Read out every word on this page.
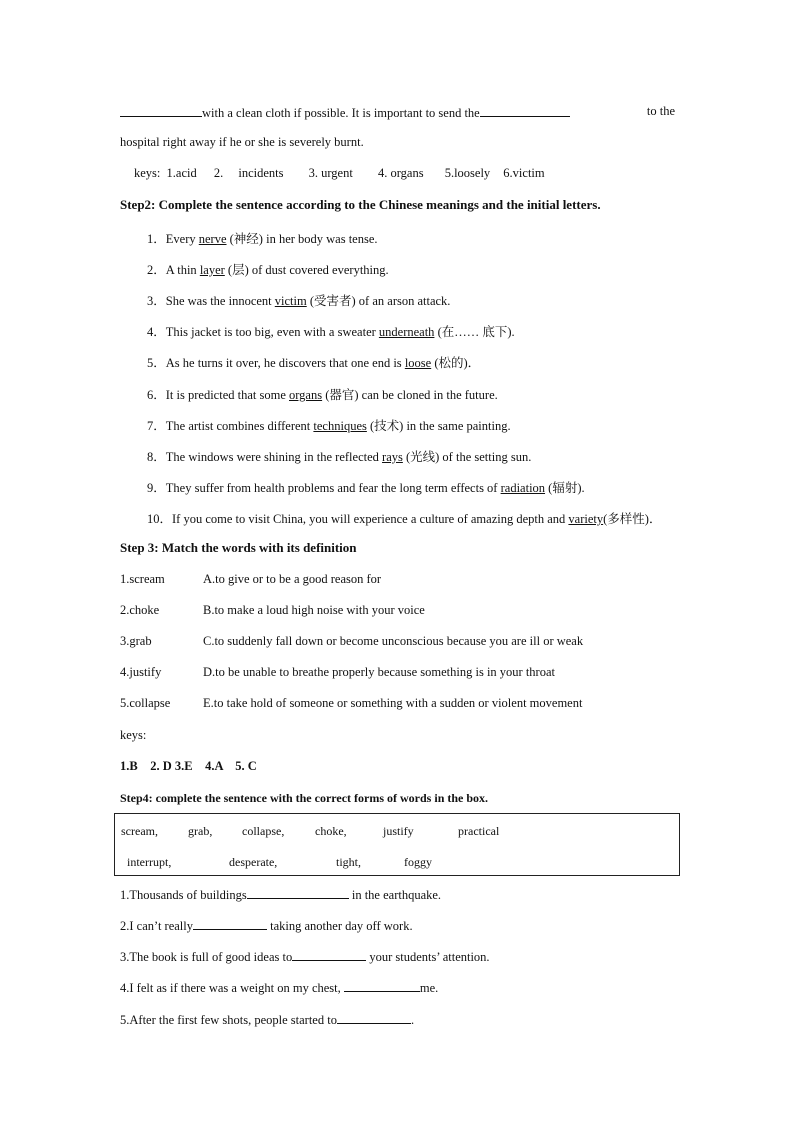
with a clean cloth if possible. It is important to send the	to the
hospital right away if he or she is severely burnt.
keys: 1.acid 2. incidents 3. urgent 4. organs 5.loosely 6.victim
Step2: Complete the sentence according to the Chinese meanings and the initial letters.
1．Every nerve (神经) in her body was tense.
2．A thin layer (层) of dust covered everything.
3．She was the innocent victim (受害者) of an arson attack.
4．This jacket is too big, even with a sweater underneath (在…… 底下).
5．As he turns it over, he discovers that one end is loose (松的)．
6．It is predicted that some organs (器官) can be cloned in the future.
7．The artist combines different techniques (技术) in the same painting.
8．The windows were shining in the reflected rays (光线) of the setting sun.
9．They suffer from health problems and fear the long term effects of radiation (辐射).
10．If you come to visit China, you will experience a culture of amazing depth and variety(多样性)．
Step 3: Match the words with its definition
1.scream	A.to give or to be a good reason for
2.choke	B.to make a loud high noise with your voice
3.grab	C.to suddenly fall down or become unconscious because you are ill or weak
4.justify	D.to be unable to breathe properly because something is in your throat
5.collapse	E.to take hold of someone or something with a sudden or violent movement
keys:
1.B    2. D 3.E    4.A    5. C
Step4: complete the sentence with the correct forms of words in the box.
scream,	grab, collapse,	choke,	justify	practical
interrupt,	desperate,	tight,	foggy
1.Thousands of buildings	in the earthquake.
2.I can’t really	taking another day off work.
3.The book is full of good ideas to	your students’ attention.
4.I felt as if there was a weight on my chest,	me.
5.After the first few shots, people started to	.
